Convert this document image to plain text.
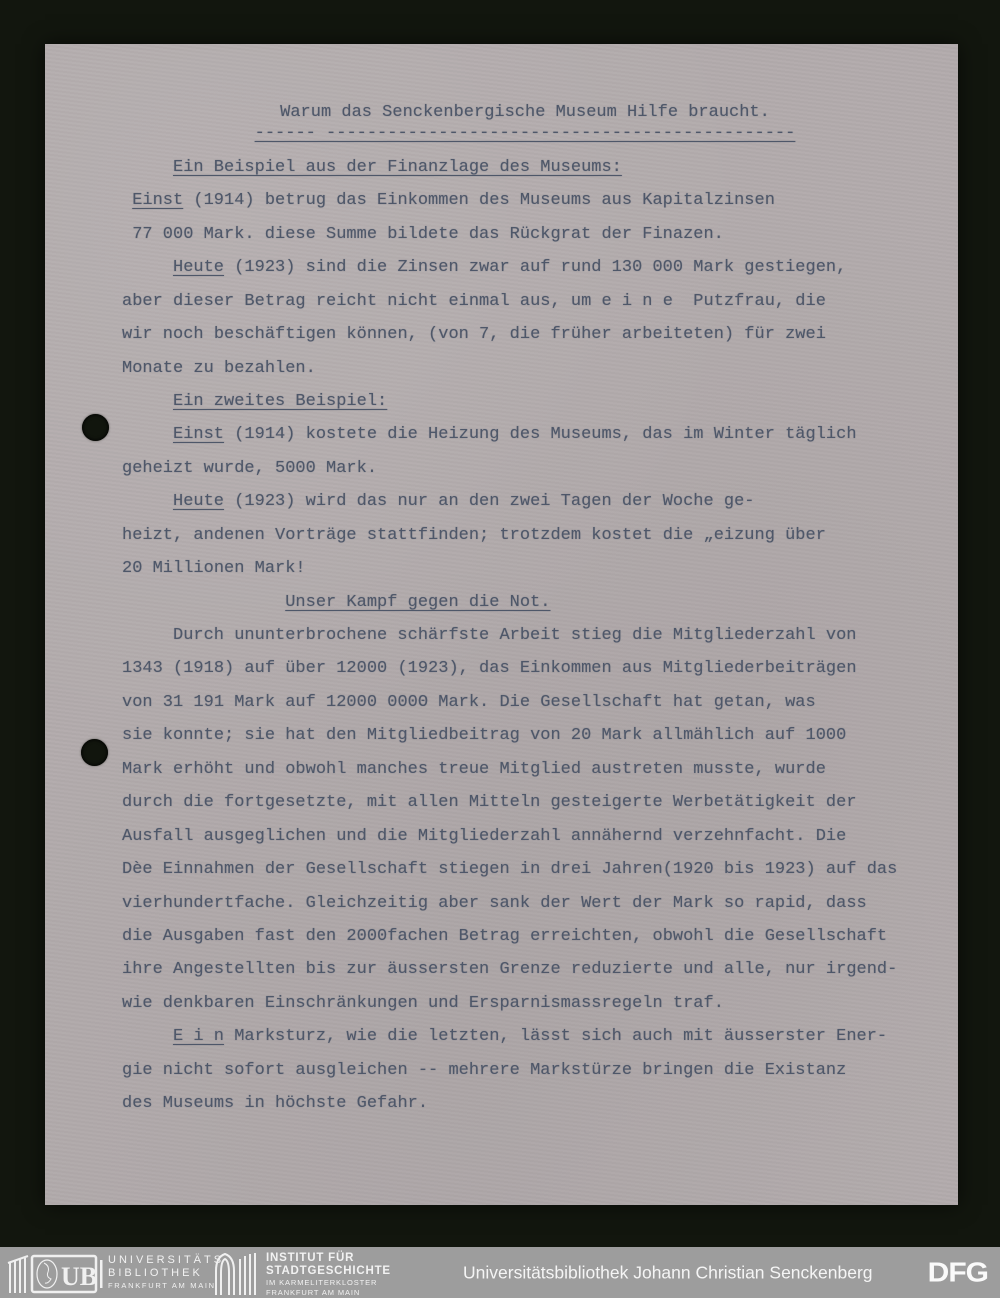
Warum das Senckenbergische Museum Hilfe braucht.
------ ----------------------------------------------
Ein Beispiel aus der Finanzlage des Museums:
Einst (1914) betrug das Einkommen des Museums aus Kapitalzinsen
77 000 Mark. diese Summe bildete das Rückgrat der Finazen.
Heute (1923) sind die Zinsen zwar auf rund 130 000 Mark gestiegen,
aber dieser Betrag reicht nicht einmal aus, um e i n e  Putzfrau, die
wir noch beschäftigen können, (von 7, die früher arbeiteten) für zwei
Monate zu bezahlen.
Ein zweites Beispiel:
Einst (1914) kostete die Heizung des Museums, das im Winter täglich
geheizt wurde, 5000 Mark.
Heute (1923) wird das nur an den zwei Tagen der Woche ge-
heizt, andenen Vorträge stattfinden; trotzdem kostet die „eizung über
20 Millionen Mark!
Unser Kampf gegen die Not.
Durch ununterbrochene schärfste Arbeit stieg die Mitgliederzahl von
1343 (1918) auf über 12000 (1923), das Einkommen aus Mitgliederbeiträgen
von 31 191 Mark auf 12000 000Θ Mark. Die Gesellschaft hat getan, was
sie konnte; sie hat den Mitgliedbeitrag von 20 Mark allmählich auf 1000
Mark erhöht und obwohl manches treue Mitglied austreten musste, wurde
durch die fortgesetzte, mit allen Mitteln gesteigerte Werbetätigkeit der
Ausfall ausgeglichen und die Mitgliederzahl annähernd verzehnfacht. Die
Dèe Einnahmen der Gesellschaft stiegen in drei Jahren(1920 bis 1923) auf das
vierhundertfache. Gleichzeitig aber sank der Wert der Mark so rapid, dass
die Ausgaben fast den 2000fachen Betrag erreichten, obwohl die Gesellschaft
ihre Angestellten bis zur äussersten Grenze reduzierte und alle, nur irgend-
wie denkbaren Einschränkungen und Ersparnismassregeln traf.
E i n Marksturz, wie die letzten, lässt sich auch mit äusserster Ener-
gie nicht sofort ausgleichen -- mehrere Markstürze bringen die Existanz
des Museums in höchste Gefahr.
UB
UNIVERSITÄTS
BIBLIOTHEK
FRANKFURT AM MAIN
INSTITUT FÜR
STADTGESCHICHTE
IM KARMELITERKLOSTER
FRANKFURT AM MAIN
Universitätsbibliothek Johann Christian Senckenberg DFG
